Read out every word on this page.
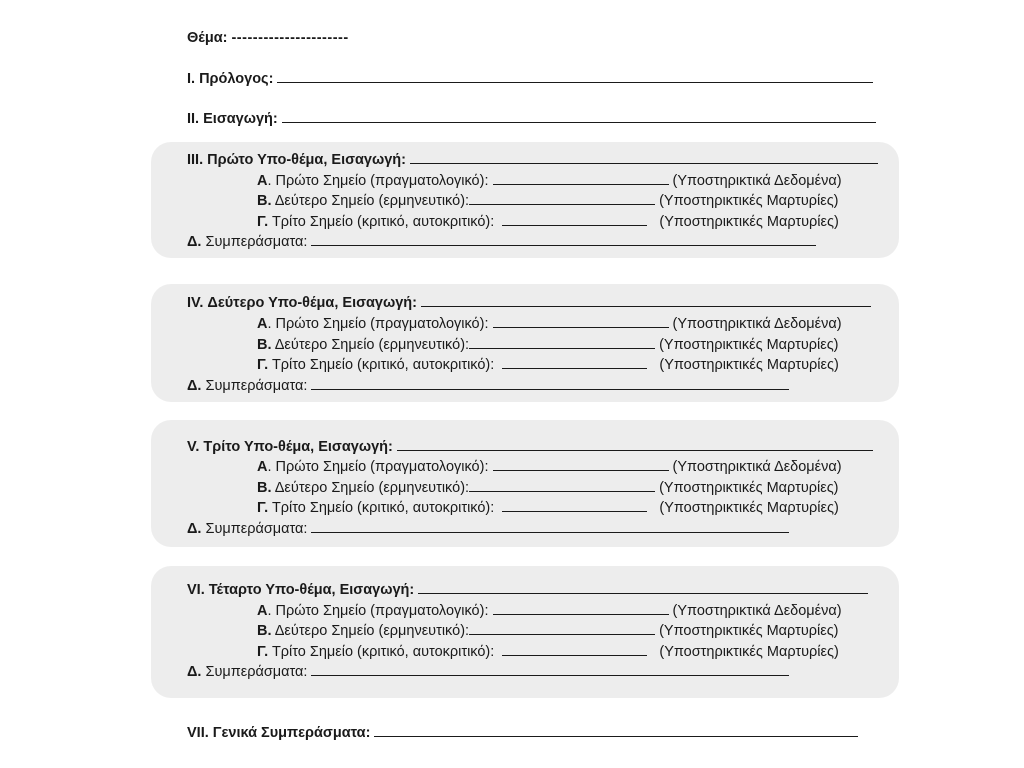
Θέμα: ----------------------
I. Πρόλογος:
II. Εισαγωγή:
III. Πρώτο Υπο-θέμα, Εισαγωγή:
Α. Πρώτο Σημείο (πραγματολογικό):	(Υποστηρικτικά Δεδομένα)
Β. Δεύτερο Σημείο (ερμηνευτικό):	(Υποστηρικτικές Μαρτυρίες)
Γ. Τρίτο Σημείο (κριτικό, αυτοκριτικό):	(Υποστηρικτικές Μαρτυρίες)
Δ. Συμπεράσματα:
IV. Δεύτερο Υπο-θέμα, Εισαγωγή:
Α. Πρώτο Σημείο (πραγματολογικό):	(Υποστηρικτικά Δεδομένα)
Β. Δεύτερο Σημείο (ερμηνευτικό):	(Υποστηρικτικές Μαρτυρίες)
Γ. Τρίτο Σημείο (κριτικό, αυτοκριτικό):	(Υποστηρικτικές Μαρτυρίες)
Δ. Συμπεράσματα:
V. Τρίτο Υπο-θέμα, Εισαγωγή:
Α. Πρώτο Σημείο (πραγματολογικό):	(Υποστηρικτικά Δεδομένα)
Β. Δεύτερο Σημείο (ερμηνευτικό):	(Υποστηρικτικές Μαρτυρίες)
Γ. Τρίτο Σημείο (κριτικό, αυτοκριτικό):	(Υποστηρικτικές Μαρτυρίες)
Δ. Συμπεράσματα:
VI. Τέταρτο Υπο-θέμα, Εισαγωγή:
Α. Πρώτο Σημείο (πραγματολογικό):	(Υποστηρικτικά Δεδομένα)
Β. Δεύτερο Σημείο (ερμηνευτικό):	(Υποστηρικτικές Μαρτυρίες)
Γ. Τρίτο Σημείο (κριτικό, αυτοκριτικό):	(Υποστηρικτικές Μαρτυρίες)
Δ. Συμπεράσματα:
VII. Γενικά Συμπεράσματα:
